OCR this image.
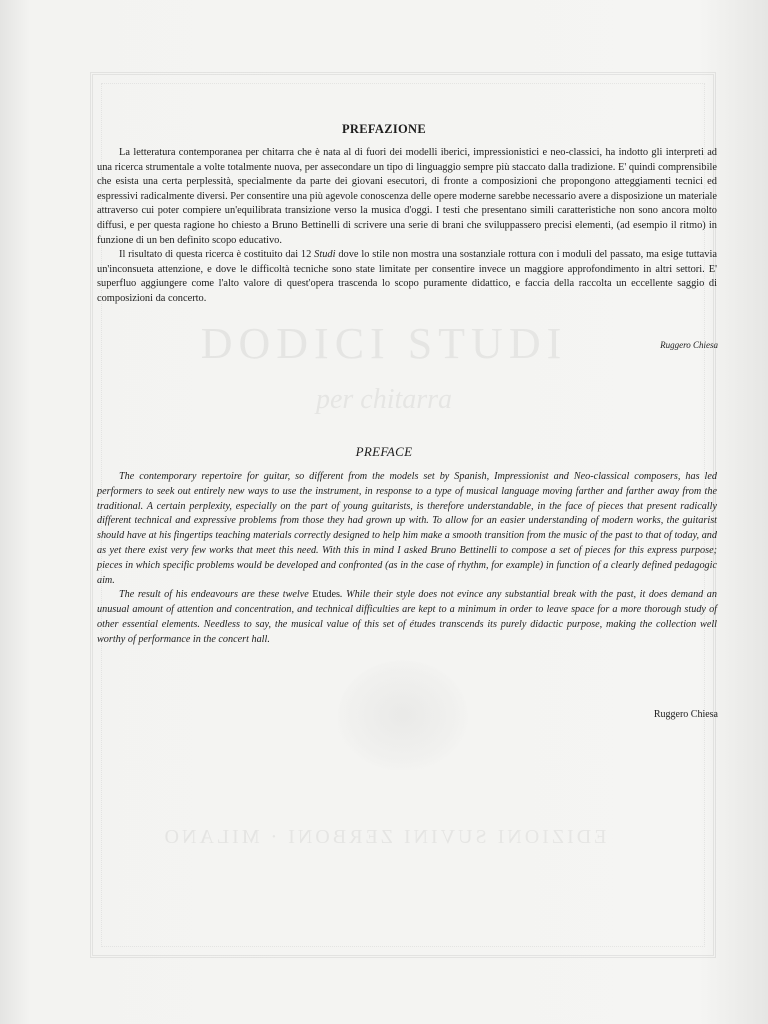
DODICI STUDI
per chitarra
EDIZIONI SUVINI ZERBONI · MILANO
PREFAZIONE

La letteratura contemporanea per chitarra che è nata al di fuori dei modelli iberici, impressionistici e neo-classici, ha indotto gli interpreti ad una ricerca strumentale a volte totalmente nuova, per assecondare un tipo di linguaggio sempre più staccato dalla tradizione. E' quindi comprensibile che esista una certa perplessità, specialmente da parte dei giovani esecutori, di fronte a composizioni che propongono atteggiamenti tecnici ed espressivi radicalmente diversi. Per consentire una più agevole conoscenza delle opere moderne sarebbe necessario avere a disposizione un materiale attraverso cui poter compiere un'equilibrata transizione verso la musica d'oggi. I testi che presentano simili caratteristiche non sono ancora molto diffusi, e per questa ragione ho chiesto a Bruno Bettinelli di scrivere una serie di brani che sviluppassero precisi elementi, (ad esempio il ritmo) in funzione di un ben definito scopo educativo.

Il risultato di questa ricerca è costituito dai 12 Studi dove lo stile non mostra una sostanziale rottura con i moduli del passato, ma esige tuttavia un'inconsueta attenzione, e dove le difficoltà tecniche sono state limitate per consentire invece un maggiore approfondimento in altri settori. E' superfluo aggiungere come l'alto valore di quest'opera trascenda lo scopo puramente didattico, e faccia della raccolta un eccellente saggio di composizioni da concerto.

Ruggero Chiesa
PREFACE

The contemporary repertoire for guitar, so different from the models set by Spanish, Impressionist and Neo-classical composers, has led performers to seek out entirely new ways to use the instrument, in response to a type of musical language moving farther and farther away from the traditional. A certain perplexity, especially on the part of young guitarists, is therefore understandable, in the face of pieces that present radically different technical and expressive problems from those they had grown up with. To allow for an easier understanding of modern works, the guitarist should have at his fingertips teaching materials correctly designed to help him make a smooth transition from the music of the past to that of today, and as yet there exist very few works that meet this need. With this in mind I asked Bruno Bettinelli to compose a set of pieces for this express purpose; pieces in which specific problems would be developed and confronted (as in the case of rhythm, for example) in function of a clearly defined pedagogic aim.

The result of his endeavours are these twelve Etudes. While their style does not evince any substantial break with the past, it does demand an unusual amount of attention and concentration, and technical difficulties are kept to a minimum in order to leave space for a more thorough study of other essential elements. Needless to say, the musical value of this set of études transcends its purely didactic purpose, making the collection well worthy of performance in the concert hall.

Ruggero Chiesa
